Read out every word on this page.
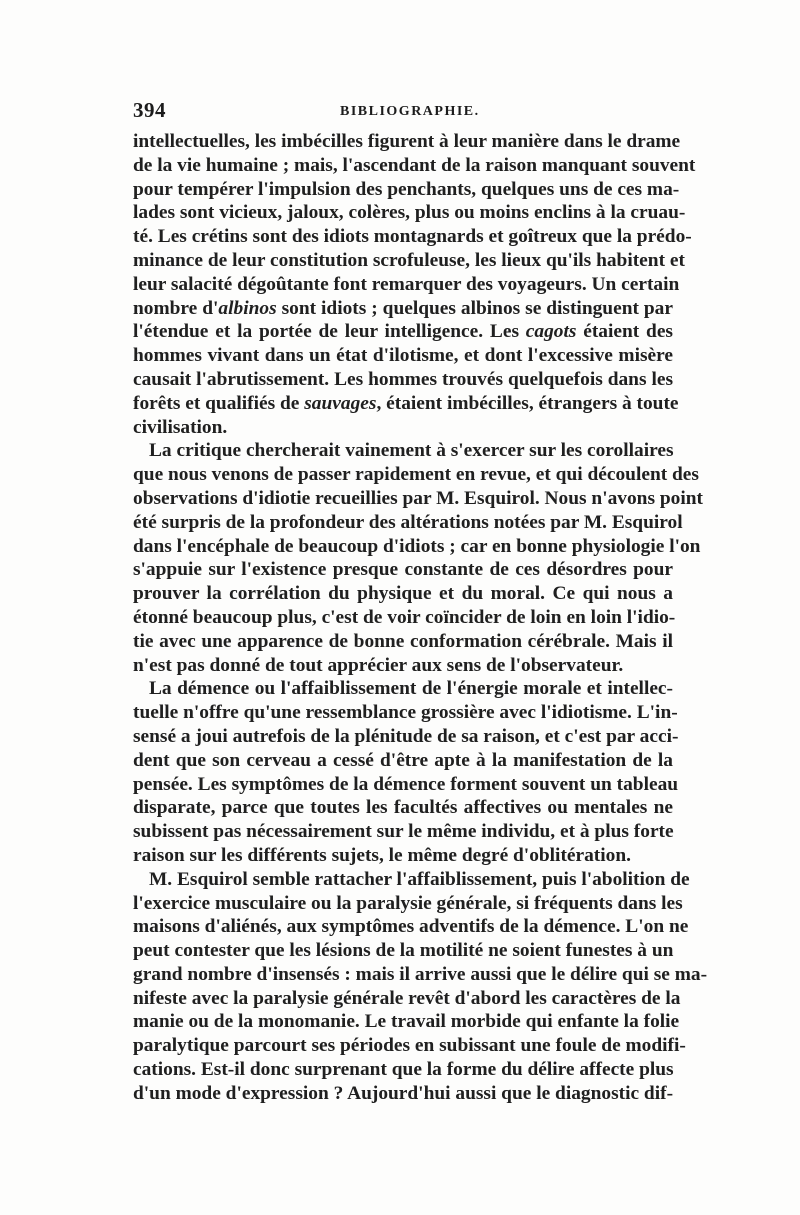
394	BIBLIOGRAPHIE.
intellectuelles, les imbécilles figurent à leur manière dans le drame
de la vie humaine ; mais, l'ascendant de la raison manquant souvent
pour tempérer l'impulsion des penchants, quelques uns de ces ma-
lades sont vicieux, jaloux, colères, plus ou moins enclins à la cruau-
té. Les crétins sont des idiots montagnards et goîtreux que la prédo-
minance de leur constitution scrofuleuse, les lieux qu'ils habitent et
leur salacité dégoûtante font remarquer des voyageurs. Un certain
nombre d'albinos sont idiots ; quelques albinos se distinguent par
l'étendue et la portée de leur intelligence. Les cagots étaient des
hommes vivant dans un état d'ilotisme, et dont l'excessive misère
causait l'abrutissement. Les hommes trouvés quelquefois dans les
forêts et qualifiés de sauvages, étaient imbécilles, étrangers à toute
civilisation.
La critique chercherait vainement à s'exercer sur les corollaires
que nous venons de passer rapidement en revue, et qui découlent des
observations d'idiotie recueillies par M. Esquirol. Nous n'avons point
été surpris de la profondeur des altérations notées par M. Esquirol
dans l'encéphale de beaucoup d'idiots ; car en bonne physiologie l'on
s'appuie sur l'existence presque constante de ces désordres pour
prouver la corrélation du physique et du moral. Ce qui nous a
étonné beaucoup plus, c'est de voir coïncider de loin en loin l'idio-
tie avec une apparence de bonne conformation cérébrale. Mais il
n'est pas donné de tout apprécier aux sens de l'observateur.
La démence ou l'affaiblissement de l'énergie morale et intellec-
tuelle n'offre qu'une ressemblance grossière avec l'idiotisme. L'in-
sensé a joui autrefois de la plénitude de sa raison, et c'est par acci-
dent que son cerveau a cessé d'être apte à la manifestation de la
pensée. Les symptômes de la démence forment souvent un tableau
disparate, parce que toutes les facultés affectives ou mentales ne
subissent pas nécessairement sur le même individu, et à plus forte
raison sur les différents sujets, le même degré d'oblitération.
M. Esquirol semble rattacher l'affaiblissement, puis l'abolition de
l'exercice musculaire ou la paralysie générale, si fréquents dans les
maisons d'aliénés, aux symptômes adventifs de la démence. L'on ne
peut contester que les lésions de la motilité ne soient funestes à un
grand nombre d'insensés : mais il arrive aussi que le délire qui se ma-
nifeste avec la paralysie générale revêt d'abord les caractères de la
manie ou de la monomanie. Le travail morbide qui enfante la folie
paralytique parcourt ses périodes en subissant une foule de modifi-
cations. Est-il donc surprenant que la forme du délire affecte plus
d'un mode d'expression ? Aujourd'hui aussi que le diagnostic dif-
